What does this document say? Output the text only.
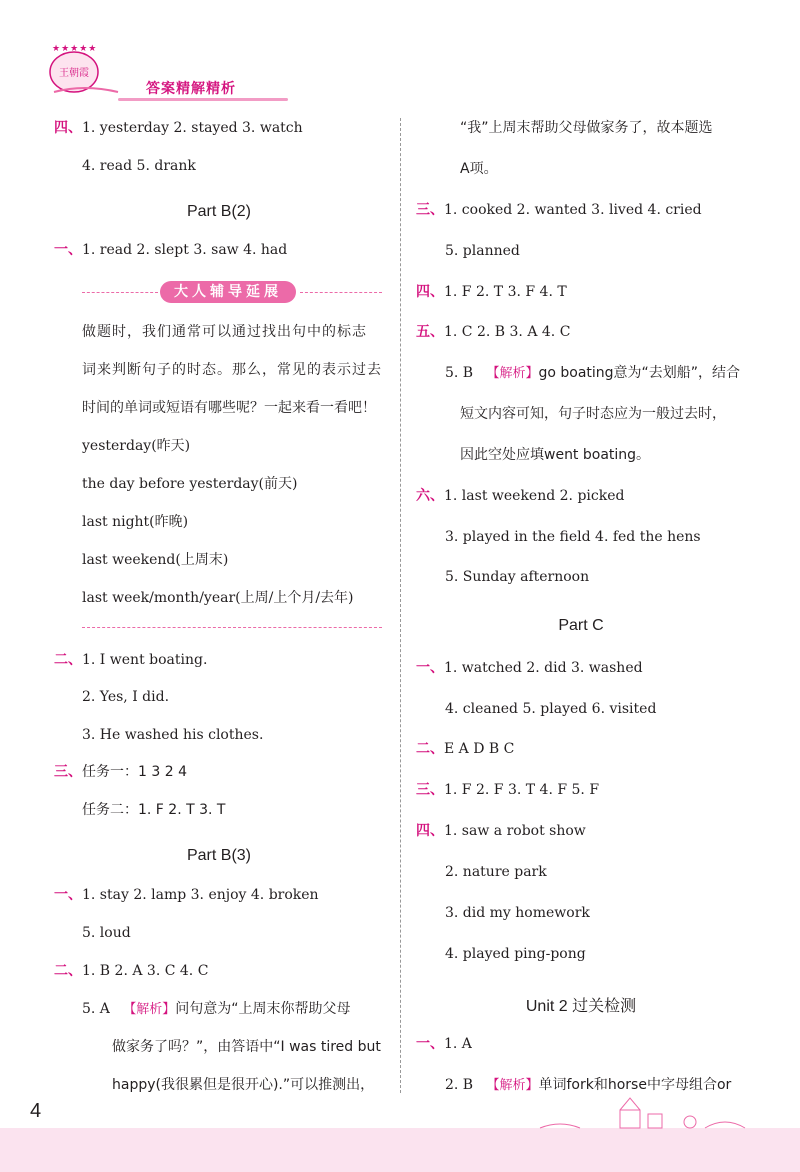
王朝霞
★★★★★
答案精解精析
四、1. yesterday 2. stayed 3. watch
4. read 5. drank
Part B(2)
一、1. read 2. slept 3. saw 4. had
大人辅导延展
做题时，我们通常可以通过找出句中的标志
词来判断句子的时态。那么，常见的表示过去
时间的单词或短语有哪些呢？一起来看一看吧！
yesterday(昨天)
the day before yesterday(前天)
last night(昨晚)
last weekend(上周末)
last week/month/year(上周/上个月/去年)
二、1. I went boating.
2. Yes, I did.
3. He washed his clothes.
三、任务一：1 3 2 4
任务二：1. F 2. T 3. T
Part B(3)
一、1. stay 2. lamp 3. enjoy 4. broken
5. loud
二、1. B 2. A 3. C 4. C
5. A 【解析】问句意为“上周末你帮助父母
做家务了吗？”，由答语中“I was tired but
happy(我很累但是很开心).”可以推测出，
“我”上周末帮助父母做家务了，故本题选
A项。
三、1. cooked 2. wanted 3. lived 4. cried
5. planned
四、1. F 2. T 3. F 4. T
五、1. C 2. B 3. A 4. C
5. B 【解析】go boating意为“去划船”，结合
短文内容可知，句子时态应为一般过去时，
因此空处应填went boating。
六、1. last weekend 2. picked
3. played in the field 4. fed the hens
5. Sunday afternoon
Part C
一、1. watched 2. did 3. washed
4. cleaned 5. played 6. visited
二、E A D B C
三、1. F 2. F 3. T 4. F 5. F
四、1. saw a robot show
2. nature park
3. did my homework
4. played ping-pong
Unit 2 过关检测
一、1. A
2. B 【解析】单词fork和horse中字母组合or
4
